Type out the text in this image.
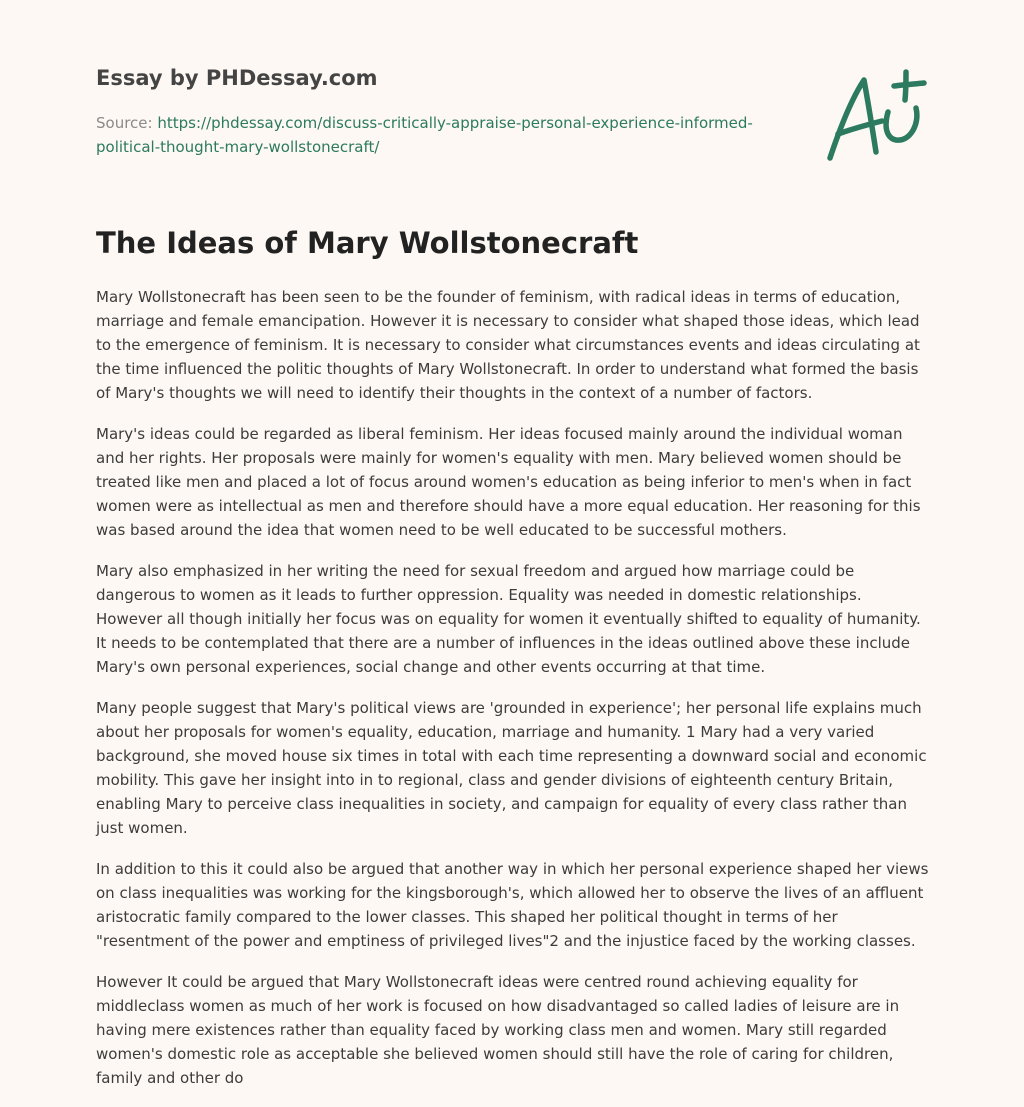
Essay by PHDessay.com
Source: https://phdessay.com/discuss-critically-appraise-personal-experience-informed-political-thought-mary-wollstonecraft/
The Ideas of Mary Wollstonecraft

Mary Wollstonecraft has been seen to be the founder of feminism, with radical ideas in terms of education, marriage and female emancipation. However it is necessary to consider what shaped those ideas, which lead to the emergence of feminism. It is necessary to consider what circumstances events and ideas circulating at the time influenced the politic thoughts of Mary Wollstonecraft. In order to understand what formed the basis of Mary's thoughts we will need to identify their thoughts in the context of a number of factors.

Mary's ideas could be regarded as liberal feminism. Her ideas focused mainly around the individual woman and her rights. Her proposals were mainly for women's equality with men. Mary believed women should be treated like men and placed a lot of focus around women's education as being inferior to men's when in fact women were as intellectual as men and therefore should have a more equal education. Her reasoning for this was based around the idea that women need to be well educated to be successful mothers.

Mary also emphasized in her writing the need for sexual freedom and argued how marriage could be dangerous to women as it leads to further oppression. Equality was needed in domestic relationships. However all though initially her focus was on equality for women it eventually shifted to equality of humanity. It needs to be contemplated that there are a number of influences in the ideas outlined above these include Mary's own personal experiences, social change and other events occurring at that time.

Many people suggest that Mary's political views are 'grounded in experience'; her personal life explains much about her proposals for women's equality, education, marriage and humanity. 1 Mary had a very varied background, she moved house six times in total with each time representing a downward social and economic mobility. This gave her insight into in to regional, class and gender divisions of eighteenth century Britain, enabling Mary to perceive class inequalities in society, and campaign for equality of every class rather than just women.

In addition to this it could also be argued that another way in which her personal experience shaped her views on class inequalities was working for the kingsborough's, which allowed her to observe the lives of an affluent aristocratic family compared to the lower classes. This shaped her political thought in terms of her "resentment of the power and emptiness of privileged lives"2 and the injustice faced by the working classes.

However It could be argued that Mary Wollstonecraft ideas were centred round achieving equality for middleclass women as much of her work is focused on how disadvantaged so called ladies of leisure are in having mere existences rather than equality faced by working class men and women. Mary still regarded women's domestic role as acceptable she believed women should still have the role of caring for children, family and other do
